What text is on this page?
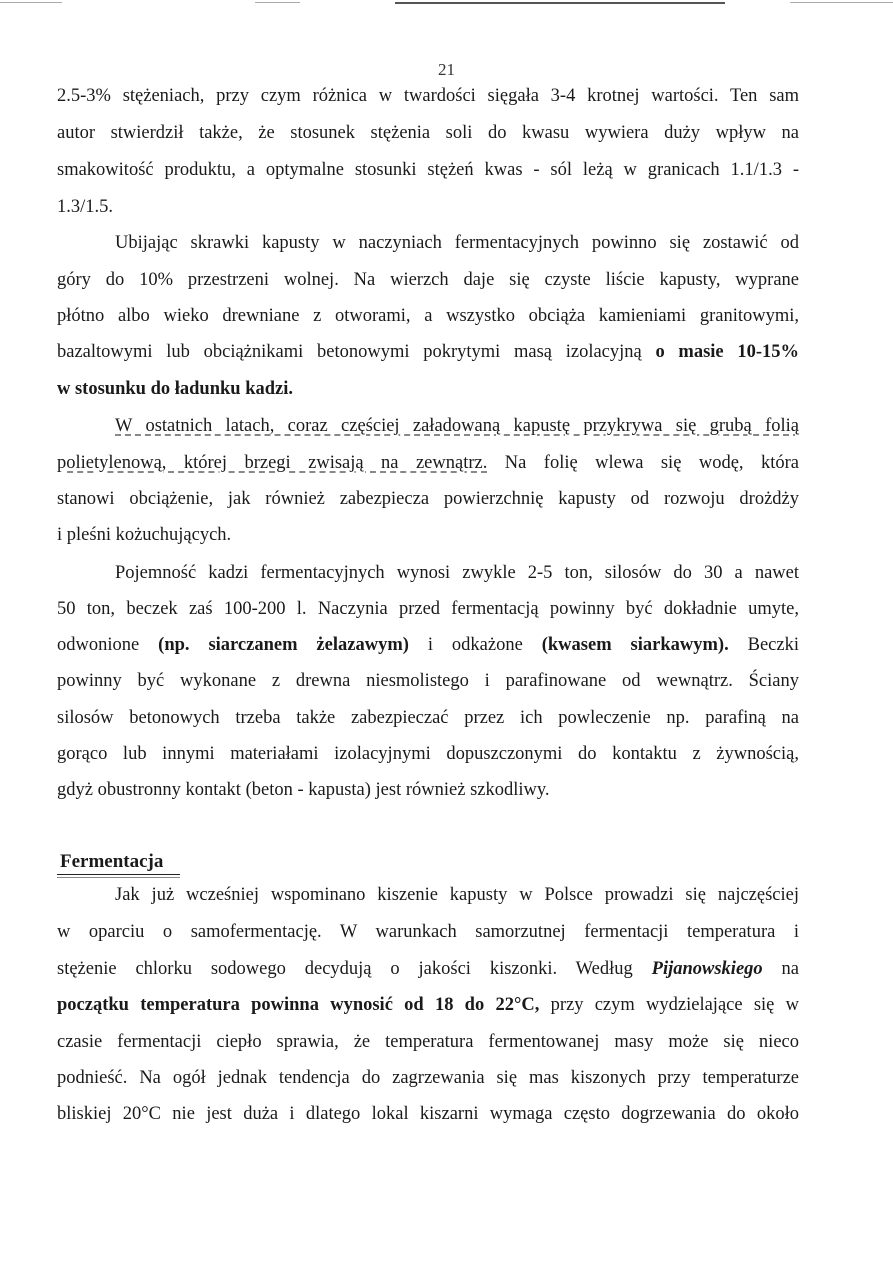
21
2.5-3% stężeniach, przy czym różnica w twardości sięgała 3-4 krotnej wartości. Ten sam
autor stwierdził także, że stosunek stężenia soli do kwasu wywiera duży wpływ na
smakowitość produktu, a optymalne stosunki stężeń kwas - sól leżą w granicach 1.1/1.3 -
1.3/1.5.
Ubijając skrawki kapusty w naczyniach fermentacyjnych powinno się zostawić od
góry do 10% przestrzeni wolnej. Na wierzch daje się czyste liście kapusty, wyprane
płótno albo wieko drewniane z otworami, a wszystko obciąża kamieniami granitowymi,
bazaltowymi lub obciążnikami betonowymi pokrytymi masą izolacyjną o masie 10-15%
w stosunku do ładunku kadzi.
W ostatnich latach, coraz częściej załadowaną kapustę przykrywa się grubą folią
polietylenową, której brzegi zwisają na zewnątrz. Na folię wlewa się wodę, która
stanowi obciążenie, jak również zabezpiecza powierzchnię kapusty od rozwoju drożdży
i pleśni kożuchujących.
Pojemność kadzi fermentacyjnych wynosi zwykle 2-5 ton, silosów do 30 a nawet
50 ton, beczek zaś 100-200 l. Naczynia przed fermentacją powinny być dokładnie umyte,
odwonione (np. siarczanem żelazawym) i odkażone (kwasem siarkawym). Beczki
powinny być wykonane z drewna niesmolistego i parafinowane od wewnątrz. Ściany
silosów betonowych trzeba także zabezpieczać przez ich powleczenie np. parafiną na
gorąco lub innymi materiałami izolacyjnymi dopuszczonymi do kontaktu z żywnością,
gdyż obustronny kontakt (beton - kapusta) jest również szkodliwy.
Fermentacja
Jak już wcześniej wspominano kiszenie kapusty w Polsce prowadzi się najczęściej
w oparciu o samofermentację. W warunkach samorzutnej fermentacji temperatura i
stężenie chlorku sodowego decydują o jakości kiszonki. Według Pijanowskiego na
początku temperatura powinna wynosić od 18 do 22°C, przy czym wydzielające się w
czasie fermentacji ciepło sprawia, że temperatura fermentowanej masy może się nieco
podnieść. Na ogół jednak tendencja do zagrzewania się mas kiszonych przy temperaturze
bliskiej 20°C nie jest duża i dlatego lokal kiszarni wymaga często dogrzewania do około
